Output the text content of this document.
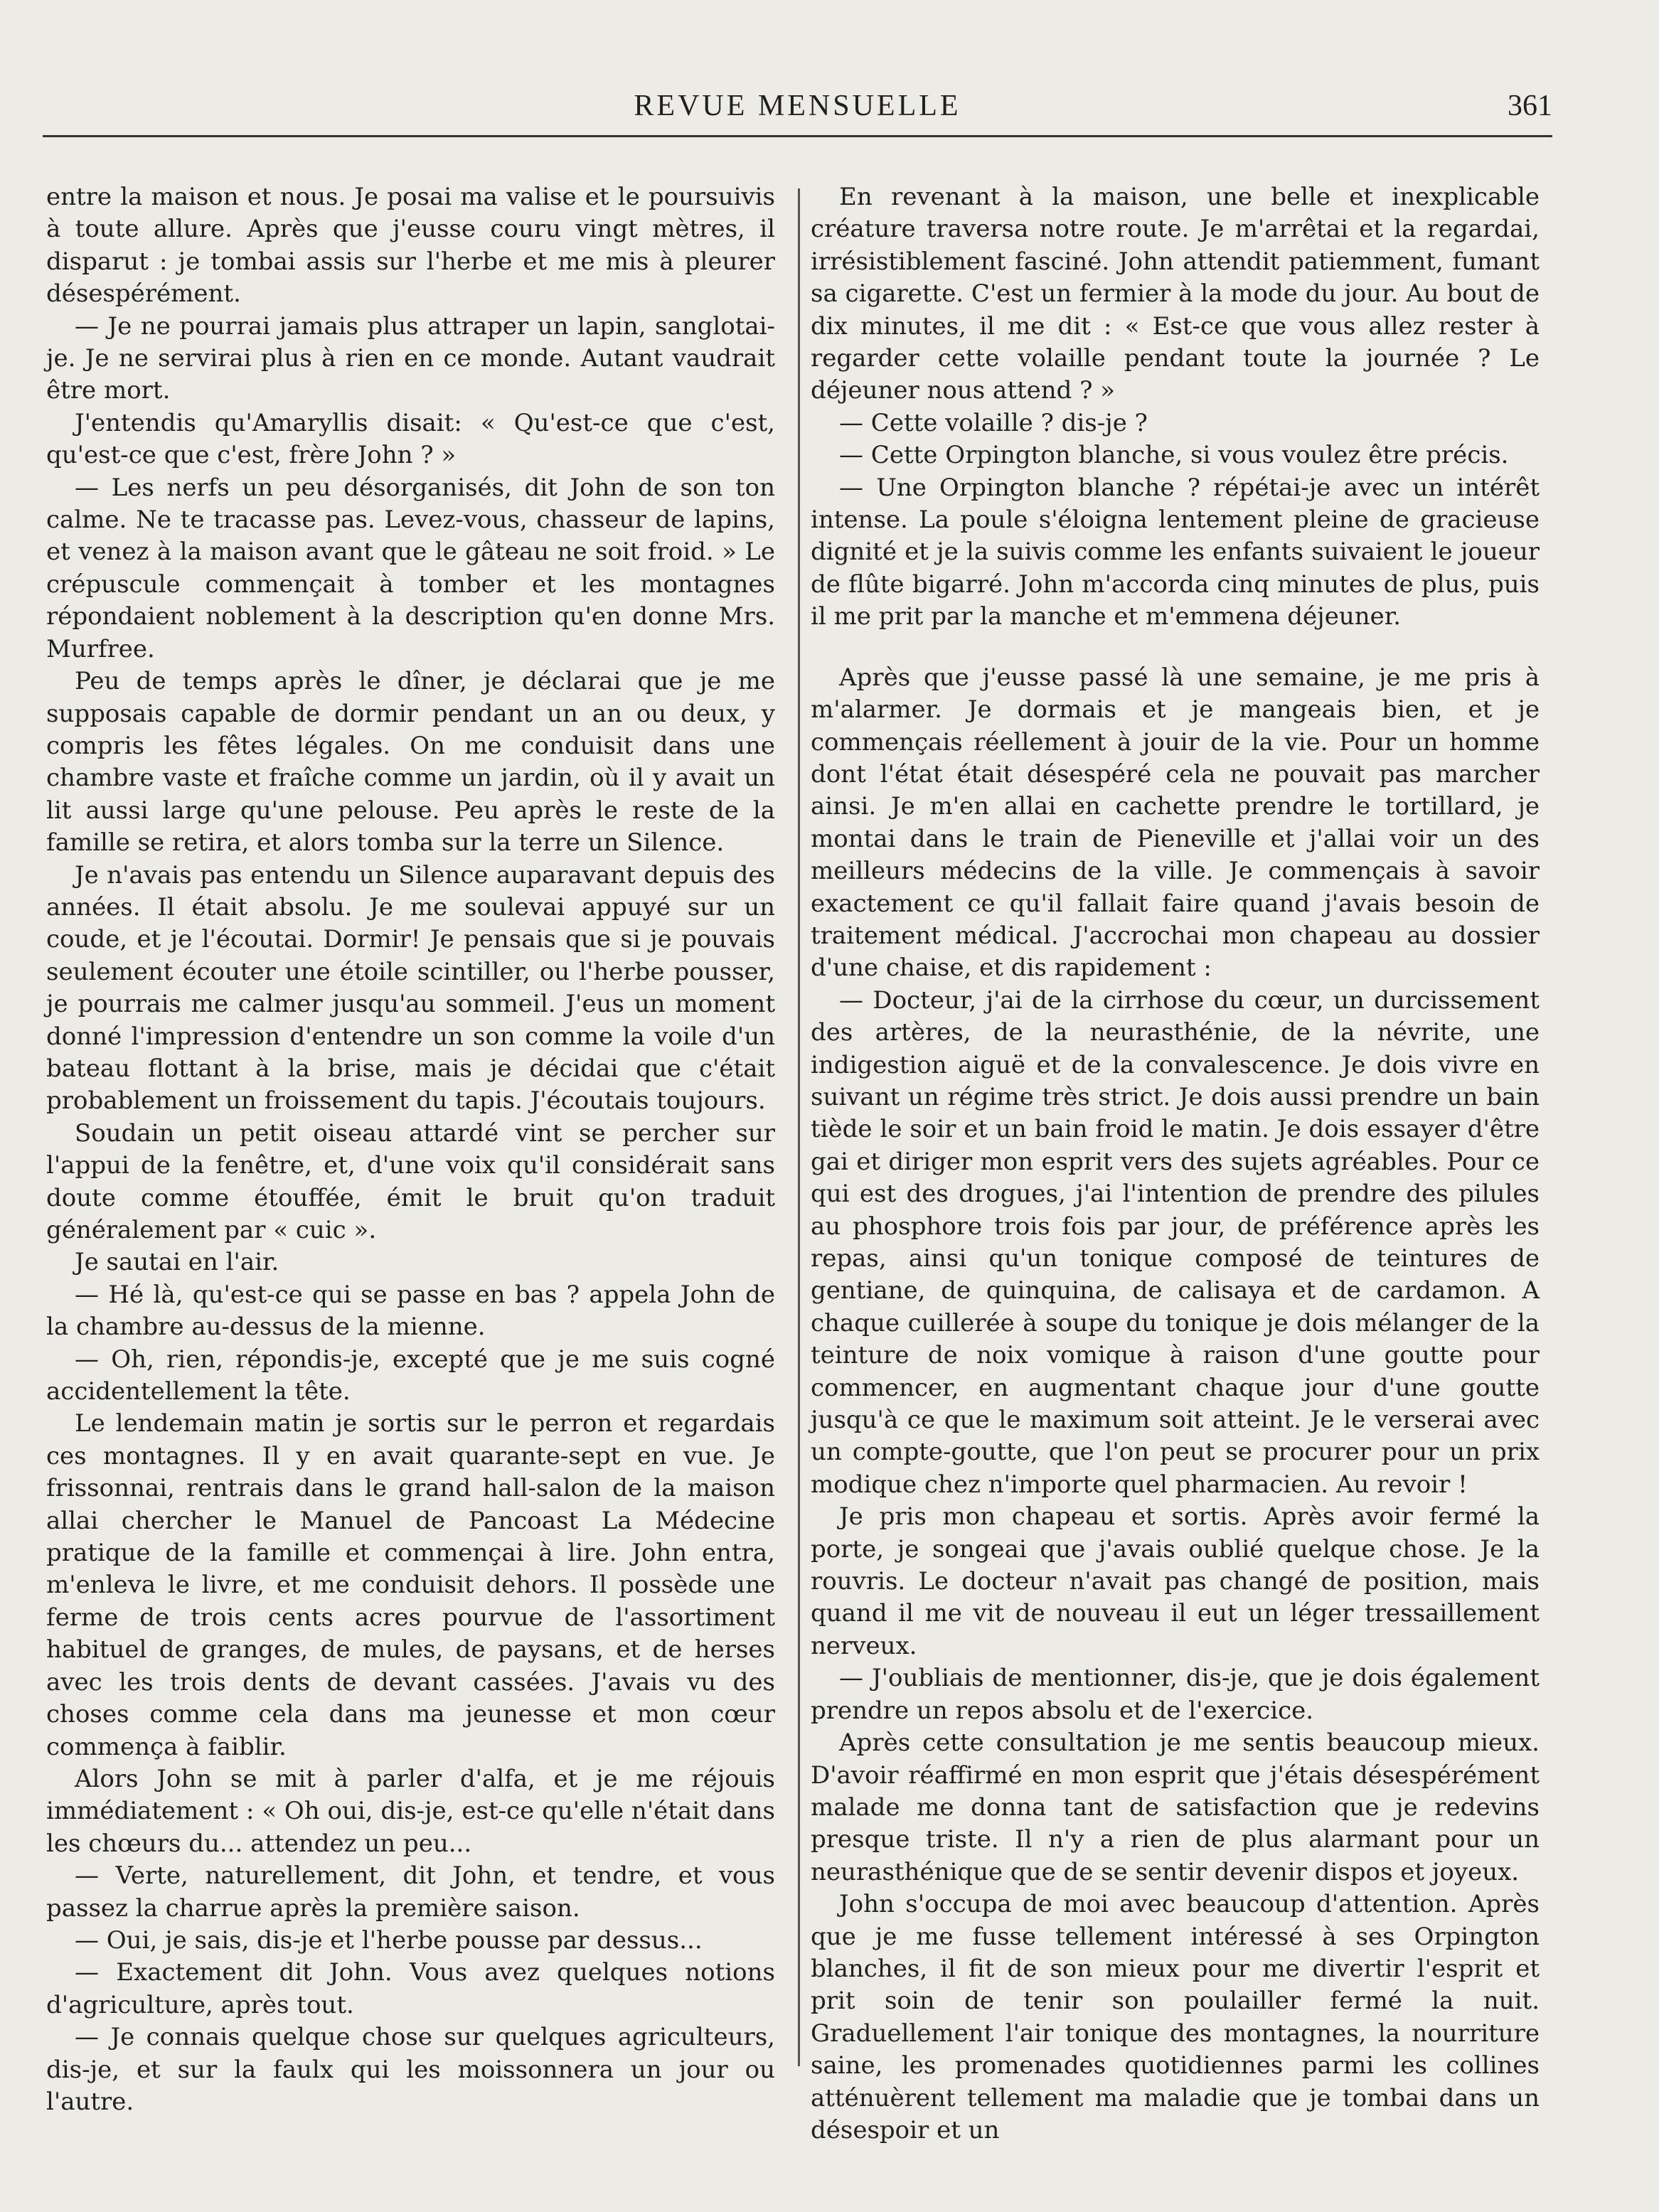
REVUE MENSUELLE	361

entre la maison et nous. Je posai ma valise et le poursuivis à toute allure. Après que j'eusse couru vingt mètres, il disparut : je tombai assis sur l'herbe et me mis à pleurer désespérément.

— Je ne pourrai jamais plus attraper un lapin, sanglotai-je. Je ne servirai plus à rien en ce monde. Autant vaudrait être mort.

J'entendis qu'Amaryllis disait: « Qu'est-ce que c'est, qu'est-ce que c'est, frère John ? »

— Les nerfs un peu désorganisés, dit John de son ton calme. Ne te tracasse pas. Levez-vous, chasseur de lapins, et venez à la maison avant que le gâteau ne soit froid. » Le crépuscule commençait à tomber et les montagnes répondaient noblement à la description qu'en donne Mrs. Murfree.

Peu de temps après le dîner, je déclarai que je me supposais capable de dormir pendant un an ou deux, y compris les fêtes légales. On me conduisit dans une chambre vaste et fraîche comme un jardin, où il y avait un lit aussi large qu'une pelouse. Peu après le reste de la famille se retira, et alors tomba sur la terre un Silence.

Je n'avais pas entendu un Silence auparavant depuis des années. Il était absolu. Je me soulevai appuyé sur un coude, et je l'écoutai. Dormir! Je pensais que si je pouvais seulement écouter une étoile scintiller, ou l'herbe pousser, je pourrais me calmer jusqu'au sommeil. J'eus un moment donné l'impression d'entendre un son comme la voile d'un bateau flottant à la brise, mais je décidai que c'était probablement un froissement du tapis. J'écoutais toujours.

Soudain un petit oiseau attardé vint se percher sur l'appui de la fenêtre, et, d'une voix qu'il considérait sans doute comme étouffée, émit le bruit qu'on traduit généralement par « cuic ».

Je sautai en l'air.

— Hé là, qu'est-ce qui se passe en bas ? appela John de la chambre au-dessus de la mienne.

— Oh, rien, répondis-je, excepté que je me suis cogné accidentellement la tête.

Le lendemain matin je sortis sur le perron et regardais ces montagnes. Il y en avait quarante-sept en vue. Je frissonnai, rentrais dans le grand hall-salon de la maison allai chercher le Manuel de Pancoast La Médecine pratique de la famille et commençai à lire. John entra, m'enleva le livre, et me conduisit dehors. Il possède une ferme de trois cents acres pourvue de l'assortiment habituel de granges, de mules, de paysans, et de herses avec les trois dents de devant cassées. J'avais vu des choses comme cela dans ma jeunesse et mon cœur commença à faiblir.

Alors John se mit à parler d'alfa, et je me réjouis immédiatement : « Oh oui, dis-je, est-ce qu'elle n'était dans les chœurs du... attendez un peu...

— Verte, naturellement, dit John, et tendre, et vous passez la charrue après la première saison.

— Oui, je sais, dis-je et l'herbe pousse par dessus...

— Exactement dit John. Vous avez quelques notions d'agriculture, après tout.

— Je connais quelque chose sur quelques agriculteurs, dis-je, et sur la faulx qui les moissonnera un jour ou l'autre.

En revenant à la maison, une belle et inexplicable créature traversa notre route. Je m'arrêtai et la regardai, irrésistiblement fasciné. John attendit patiemment, fumant sa cigarette. C'est un fermier à la mode du jour. Au bout de dix minutes, il me dit : « Est-ce que vous allez rester à regarder cette volaille pendant toute la journée ? Le déjeuner nous attend ? »

— Cette volaille ? dis-je ?

— Cette Orpington blanche, si vous voulez être précis.

— Une Orpington blanche ? répétai-je avec un intérêt intense. La poule s'éloigna lentement pleine de gracieuse dignité et je la suivis comme les enfants suivaient le joueur de flûte bigarré. John m'accorda cinq minutes de plus, puis il me prit par la manche et m'emmena déjeuner.

Après que j'eusse passé là une semaine, je me pris à m'alarmer. Je dormais et je mangeais bien, et je commençais réellement à jouir de la vie. Pour un homme dont l'état était désespéré cela ne pouvait pas marcher ainsi. Je m'en allai en cachette prendre le tortillard, je montai dans le train de Pieneville et j'allai voir un des meilleurs médecins de la ville. Je commençais à savoir exactement ce qu'il fallait faire quand j'avais besoin de traitement médical. J'accrochai mon chapeau au dossier d'une chaise, et dis rapidement :

— Docteur, j'ai de la cirrhose du cœur, un durcissement des artères, de la neurasthénie, de la névrite, une indigestion aiguë et de la convalescence. Je dois vivre en suivant un régime très strict. Je dois aussi prendre un bain tiède le soir et un bain froid le matin. Je dois essayer d'être gai et diriger mon esprit vers des sujets agréables. Pour ce qui est des drogues, j'ai l'intention de prendre des pilules au phosphore trois fois par jour, de préférence après les repas, ainsi qu'un tonique composé de teintures de gentiane, de quinquina, de calisaya et de cardamon. A chaque cuillerée à soupe du tonique je dois mélanger de la teinture de noix vomique à raison d'une goutte pour commencer, en augmentant chaque jour d'une goutte jusqu'à ce que le maximum soit atteint. Je le verserai avec un compte-goutte, que l'on peut se procurer pour un prix modique chez n'importe quel pharmacien. Au revoir !

Je pris mon chapeau et sortis. Après avoir fermé la porte, je songeai que j'avais oublié quelque chose. Je la rouvris. Le docteur n'avait pas changé de position, mais quand il me vit de nouveau il eut un léger tressaillement nerveux.

— J'oubliais de mentionner, dis-je, que je dois également prendre un repos absolu et de l'exercice.

Après cette consultation je me sentis beaucoup mieux. D'avoir réaffirmé en mon esprit que j'étais désespérément malade me donna tant de satisfaction que je redevins presque triste. Il n'y a rien de plus alarmant pour un neurasthénique que de se sentir devenir dispos et joyeux.

John s'occupa de moi avec beaucoup d'attention. Après que je me fusse tellement intéressé à ses Orpington blanches, il fit de son mieux pour me divertir l'esprit et prit soin de tenir son poulailler fermé la nuit. Graduellement l'air tonique des montagnes, la nourriture saine, les promenades quotidiennes parmi les collines atténuèrent tellement ma maladie que je tombai dans un désespoir et un
